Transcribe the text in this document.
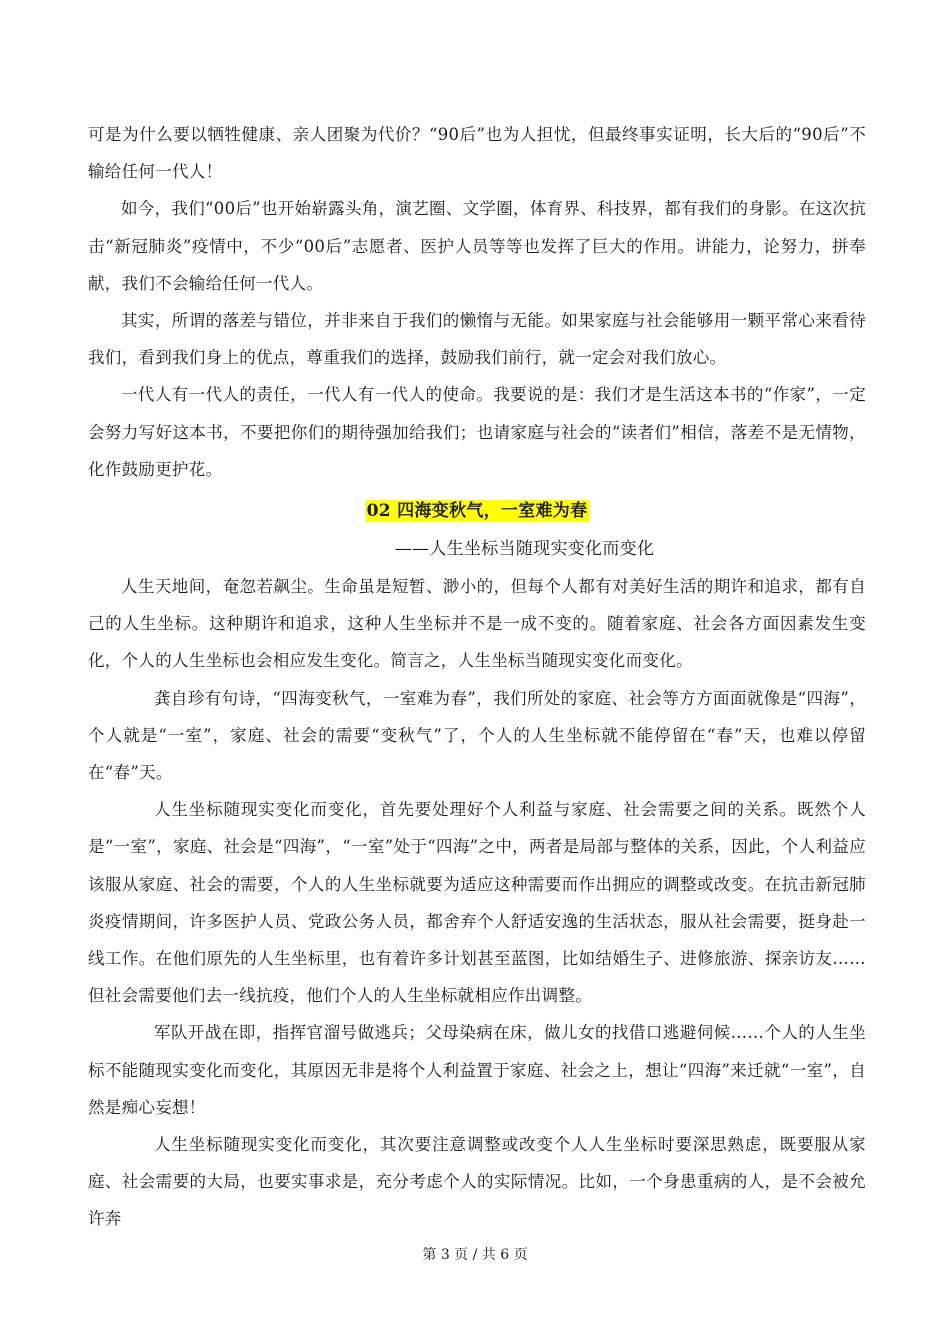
可是为什么要以牺牲健康、亲人团聚为代价？“90后”也为人担忧，但最终事实证明，长大后的“90后”不输给任何一代人！

如今，我们“00后”也开始崭露头角，演艺圈、文学圈，体育界、科技界，都有我们的身影。在这次抗击“新冠肺炎”疫情中，不少“00后”志愿者、医护人员等等也发挥了巨大的作用。讲能力，论努力，拼奉献，我们不会输给任何一代人。

其实，所谓的落差与错位，并非来自于我们的懒惰与无能。如果家庭与社会能够用一颗平常心来看待我们，看到我们身上的优点，尊重我们的选择，鼓励我们前行，就一定会对我们放心。

一代人有一代人的责任，一代人有一代人的使命。我要说的是：我们才是生活这本书的“作家”，一定会努力写好这本书，不要把你们的期待强加给我们；也请家庭与社会的“读者们”相信，落差不是无情物，化作鼓励更护花。

02 四海变秋气，一室难为春
——人生坐标当随现实变化而变化

人生天地间，奄忽若飙尘。生命虽是短暂、渺小的，但每个人都有对美好生活的期许和追求，都有自己的人生坐标。这种期许和追求，这种人生坐标并不是一成不变的。随着家庭、社会各方面因素发生变化，个人的人生坐标也会相应发生变化。简言之，人生坐标当随现实变化而变化。

龚自珍有句诗，“四海变秋气，一室难为春”，我们所处的家庭、社会等方方面面就像是“四海”，个人就是“一室”，家庭、社会的需要“变秋气”了，个人的人生坐标就不能停留在“春”天，也难以停留在“春”天。

人生坐标随现实变化而变化，首先要处理好个人利益与家庭、社会需要之间的关系。既然个人是“一室”，家庭、社会是“四海”，“一室”处于“四海”之中，两者是局部与整体的关系，因此，个人利益应该服从家庭、社会的需要，个人的人生坐标就要为适应这种需要而作出拥应的调整或改变。在抗击新冠肺炎疫情期间，许多医护人员、党政公务人员，都舍弃个人舒适安逸的生活状态，服从社会需要，挺身赴一线工作。在他们原先的人生坐标里，也有着许多计划甚至蓝图，比如结婚生子、进修旅游、探亲访友……但社会需要他们去一线抗疫，他们个人的人生坐标就相应作出调整。

军队开战在即，指挥官溜号做逃兵；父母染病在床，做儿女的找借口逃避伺候……个人的人生坐标不能随现实变化而变化，其原因无非是将个人利益置于家庭、社会之上，想让“四海”来迁就“一室”，自然是痴心妄想！

人生坐标随现实变化而变化，其次要注意调整或改变个人人生坐标时要深思熟虑，既要服从家庭、社会需要的大局，也要实事求是，充分考虑个人的实际情况。比如，一个身患重病的人，是不会被允许奔

第 3 页 / 共 6 页
